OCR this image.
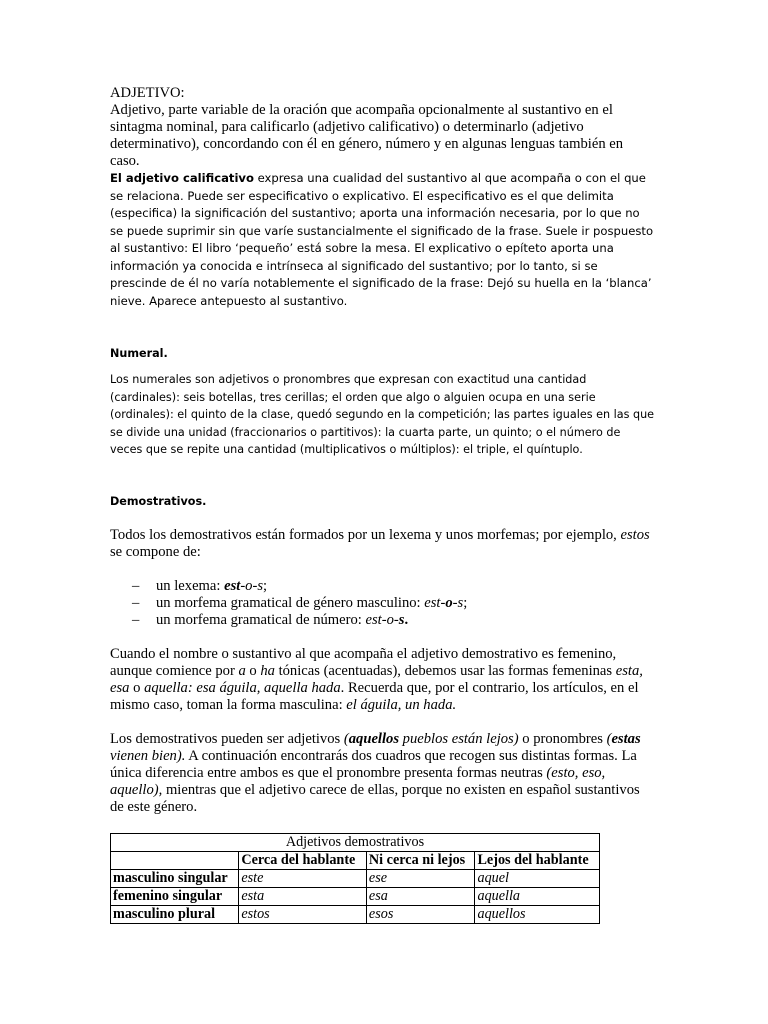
ADJETIVO:

Adjetivo, parte variable de la oración que acompaña opcionalmente al sustantivo en el sintagma nominal, para calificarlo (adjetivo calificativo) o determinarlo (adjetivo determinativo), concordando con él en género, número y en algunas lenguas también en caso.

El adjetivo calificativo expresa una cualidad del sustantivo al que acompaña o con el que se relaciona. Puede ser especificativo o explicativo. El especificativo es el que delimita (especifica) la significación del sustantivo; aporta una información necesaria, por lo que no se puede suprimir sin que varíe sustancialmente el significado de la frase. Suele ir pospuesto al sustantivo: El libro ‘pequeño’ está sobre la mesa. El explicativo o epíteto aporta una información ya conocida e intrínseca al significado del sustantivo; por lo tanto, si se prescinde de él no varía notablemente el significado de la frase: Dejó su huella en la ‘blanca’ nieve. Aparece antepuesto al sustantivo.

Numeral.

Los numerales son adjetivos o pronombres que expresan con exactitud una cantidad (cardinales): seis botellas, tres cerillas; el orden que algo o alguien ocupa en una serie (ordinales): el quinto de la clase, quedó segundo en la competición; las partes iguales en las que se divide una unidad (fraccionarios o partitivos): la cuarta parte, un quinto; o el número de veces que se repite una cantidad (multiplicativos o múltiplos): el triple, el quíntuplo.

Demostrativos.

Todos los demostrativos están formados por un lexema y unos morfemas; por ejemplo, estos se compone de:

– un lexema: est-o-s;
– un morfema gramatical de género masculino: est-o-s;
– un morfema gramatical de número: est-o-s.

Cuando el nombre o sustantivo al que acompaña el adjetivo demostrativo es femenino, aunque comience por a o ha tónicas (acentuadas), debemos usar las formas femeninas esta, esa o aquella: esa águila, aquella hada. Recuerda que, por el contrario, los artículos, en el mismo caso, toman la forma masculina: el águila, un hada.

Los demostrativos pueden ser adjetivos (aquellos pueblos están lejos) o pronombres (estas vienen bien). A continuación encontrarás dos cuadros que recogen sus distintas formas. La única diferencia entre ambos es que el pronombre presenta formas neutras (esto, eso, aquello), mientras que el adjetivo carece de ellas, porque no existen en español sustantivos de este género.

Adjetivos demostrativos			
	Cerca del hablante	Ni cerca ni lejos	Lejos del hablante
masculino singular	este	ese	aquel
femenino singular	esta	esa	aquella
masculino plural	estos	esos	aquellos
